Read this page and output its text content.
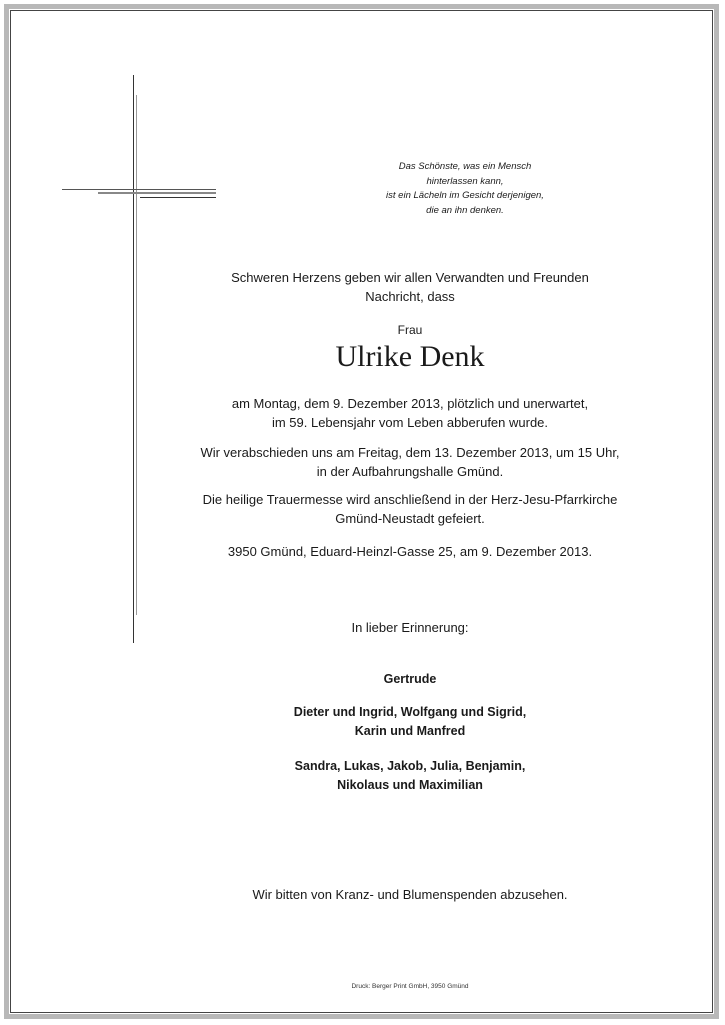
Das Schönste, was ein Mensch
hinterlassen kann,
ist ein Lächeln im Gesicht derjenigen,
die an ihn denken.
Schweren Herzens geben wir allen Verwandten und Freunden
Nachricht, dass
Frau
Ulrike Denk
am Montag, dem 9. Dezember 2013, plötzlich und unerwartet,
im 59. Lebensjahr vom Leben abberufen wurde.
Wir verabschieden uns am Freitag, dem 13. Dezember 2013, um 15 Uhr,
in der Aufbahrungshalle Gmünd.
Die heilige Trauermesse wird anschließend in der Herz-Jesu-Pfarrkirche
Gmünd-Neustadt gefeiert.
3950 Gmünd, Eduard-Heinzl-Gasse 25, am 9. Dezember 2013.
In lieber Erinnerung:
Gertrude
Dieter und Ingrid, Wolfgang und Sigrid,
Karin und Manfred
Sandra, Lukas, Jakob, Julia, Benjamin,
Nikolaus und Maximilian
Wir bitten von Kranz- und Blumenspenden abzusehen.
Druck: Berger Print GmbH, 3950 Gmünd
